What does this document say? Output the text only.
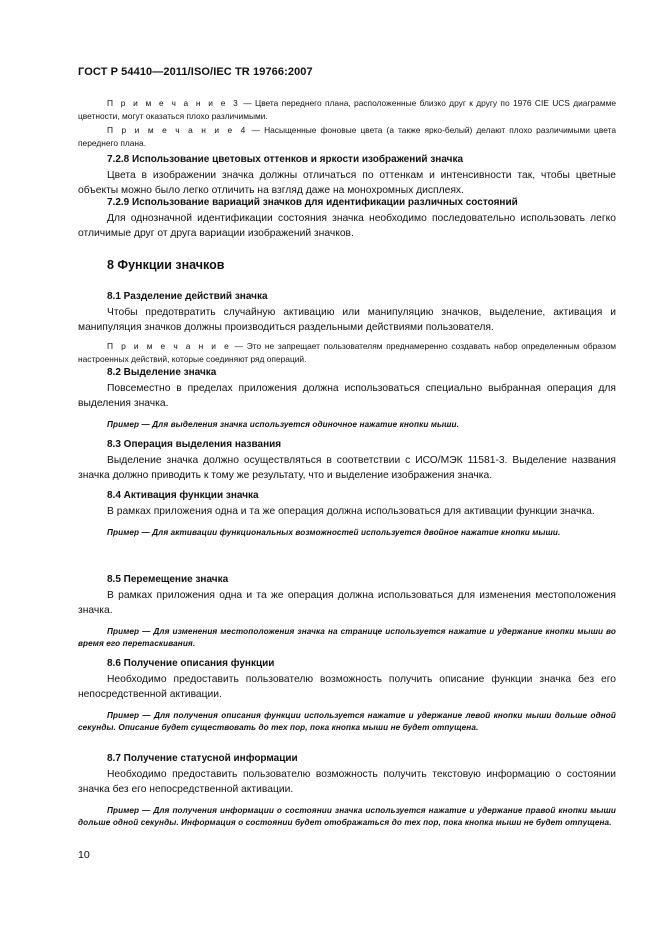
ГОСТ Р 54410—2011/ISO/IEC TR 19766:2007

П р и м е ч а н и е 3 — Цвета переднего плана, расположенные близко друг к другу по 1976 CIE UCS диаграмме цветности, могут оказаться плохо различимыми.

П р и м е ч а н и е 4 — Насыщенные фоновые цвета (а также ярко-белый) делают плохо различимыми цвета переднего плана.

7.2.8 Использование цветовых оттенков и яркости изображений значка

Цвета в изображении значка должны отличаться по оттенкам и интенсивности так, чтобы цветные объекты можно было легко отличить на взгляд даже на монохромных дисплеях.

7.2.9 Использование вариаций значков для идентификации различных состояний

Для однозначной идентификации состояния значка необходимо последовательно использовать легко отличимые друг от друга вариации изображений значков.

8 Функции значков

8.1 Разделение действий значка

Чтобы предотвратить случайную активацию или манипуляцию значков, выделение, активация и манипуляция значков должны производиться раздельными действиями пользователя.

П р и м е ч а н и е — Это не запрещает пользователям преднамеренно создавать набор определенным образом настроенных действий, которые соединяют ряд операций.

8.2 Выделение значка

Повсеместно в пределах приложения должна использоваться специально выбранная операция для выделения значка.

Пример — Для выделения значка используется одиночное нажатие кнопки мыши.

8.3 Операция выделения названия

Выделение значка должно осуществляться в соответствии с ИСО/МЭК 11581-3. Выделение названия значка должно приводить к тому же результату, что и выделение изображения значка.

8.4 Активация функции значка

В рамках приложения одна и та же операция должна использоваться для активации функции значка.

Пример — Для активации функциональных возможностей используется двойное нажатие кнопки мыши.

8.5 Перемещение значка

В рамках приложения одна и та же операция должна использоваться для изменения местоположения значка.

Пример — Для изменения местоположения значка на странице используется нажатие и удержание кнопки мыши во время его перетаскивания.

8.6 Получение описания функции

Необходимо предоставить пользователю возможность получить описание функции значка без его непосредственной активации.

Пример — Для получения описания функции используется нажатие и удержание левой кнопки мыши дольше одной секунды. Описание будет существовать до тех пор, пока кнопка мыши не будет отпущена.

8.7 Получение статусной информации

Необходимо предоставить пользователю возможность получить текстовую информацию о состоянии значка без его непосредственной активации.

Пример — Для получения информации о состоянии значка используется нажатие и удержание правой кнопки мыши дольше одной секунды. Информация о состоянии будет отображаться до тех пор, пока кнопка мыши не будет отпущена.

10
